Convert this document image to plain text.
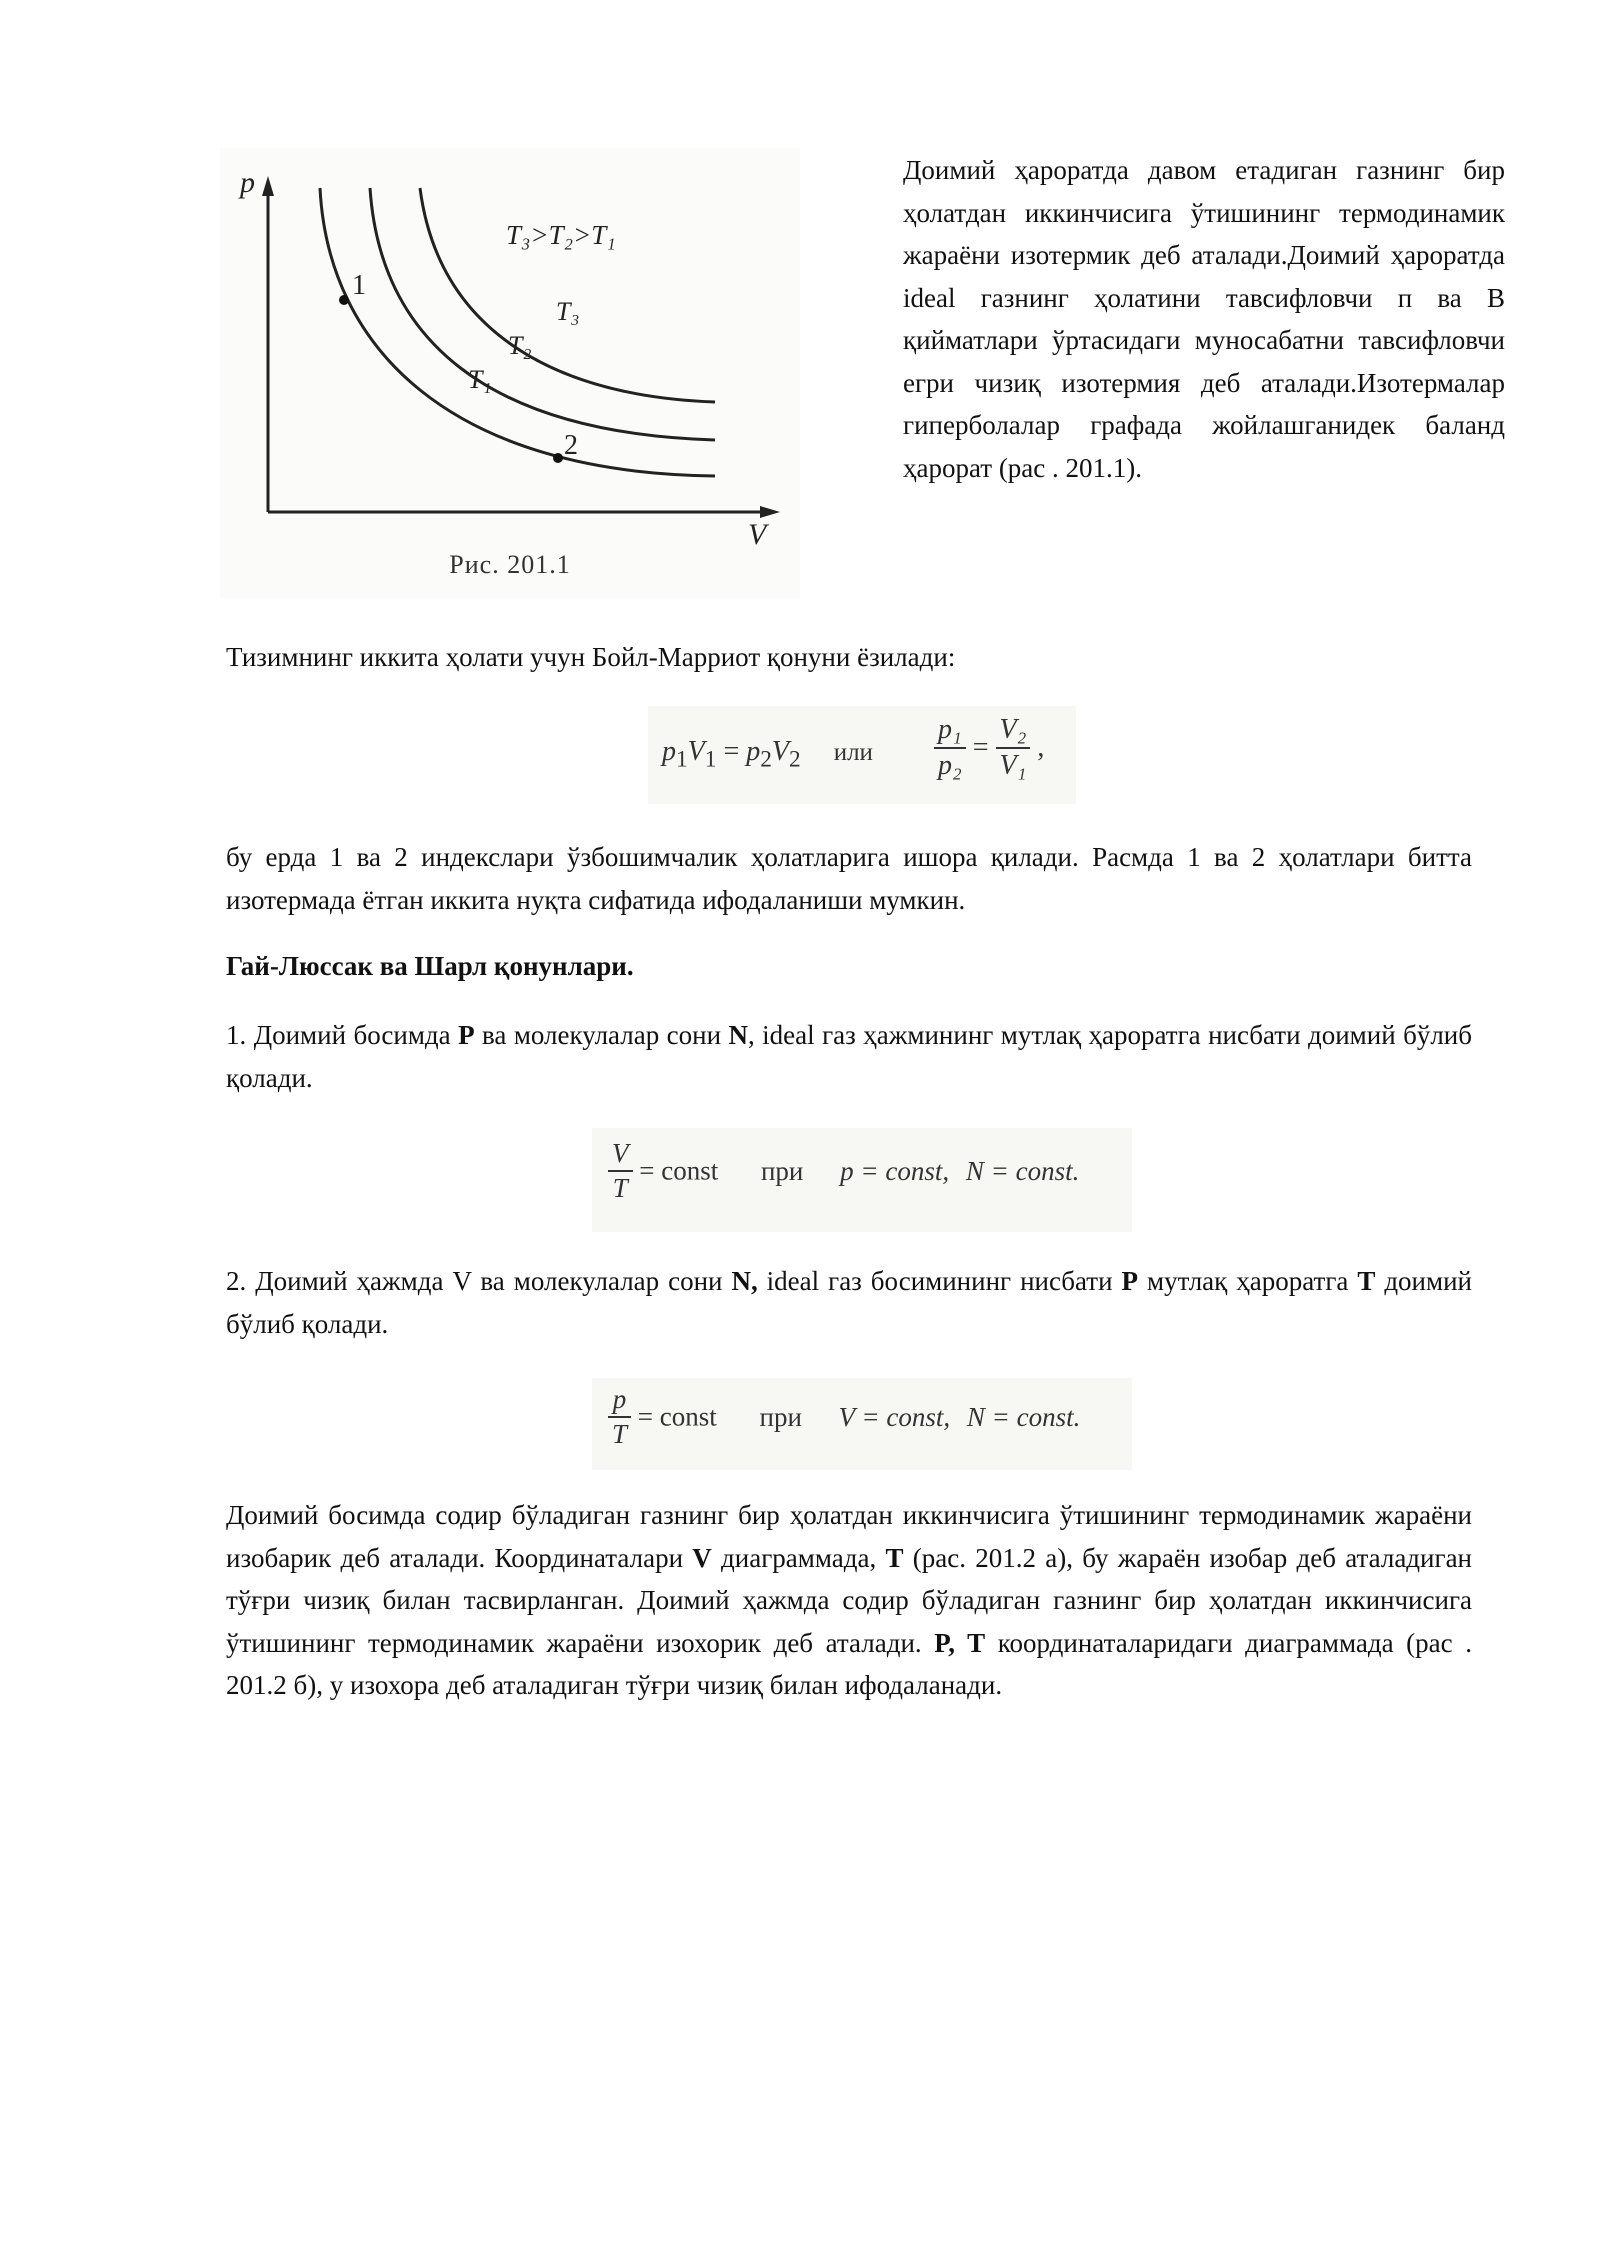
p
V
1
2
T₁
T₂
T₃
T₃>T₂>T₁
Рис. 201.1
Доимий ҳароратда давом етадиган газнинг бир ҳолатдан иккинчисига ўтишининг термодинамик жараёни изотермик деб аталади.Доимий ҳароратда ideal газнинг ҳолатини тавсифловчи п ва В қийматлари ўртасидаги муносабатни тавсифловчи егри чизиқ изотермия деб аталади.Изотермалар гиперболалар графада жойлашганидек баланд ҳарорат (рас . 201.1).

Тизимнинг иккита ҳолати учун Бойл-Марриот қонуни ёзилади:

$p_1V_1 = p_2V_2$ или $\frac{\text{p₁}}{\text{p₂}} = \frac{\text{V₂}}{\text{V₁}}$ ,

бу ерда 1 ва 2 индекслари ўзбошимчалик ҳолатларига ишора қилади. Расмда 1 ва 2 ҳолатлари битта изотермада ётган иккита нуқта сифатида ифодаланиши мумкин.

Гай-Люссак ва Шарл қонунлари.

1. Доимий босимда P ва молекулалар сони N, ideal газ ҳажмининг мутлақ ҳароратга нисбати доимий бўлиб қолади.

$\frac{V}{T}$ = const при p = const, N = const.

2. Доимий ҳажмда V ва молекулалар сони N, ideal газ босимининг нисбати P мутлақ ҳароратга T доимий бўлиб қолади.

$\frac{p}{T}$ = const при V = const, N = const.

Доимий босимда содир бўладиган газнинг бир ҳолатдан иккинчисига ўтишининг термодинамик жараёни изобарик деб аталади. Координаталари V диаграммада, T (рас. 201.2 а), бу жараён изобар деб аталадиган тўғри чизиқ билан тасвирланган. Доимий ҳажмда содир бўладиган газнинг бир ҳолатдан иккинчисига ўтишининг термодинамик жараёни изохорик деб аталади. P, T координаталаридаги диаграммада (рас . 201.2 б), у изохора деб аталадиган тўғри чизиқ билан ифодаланади.
